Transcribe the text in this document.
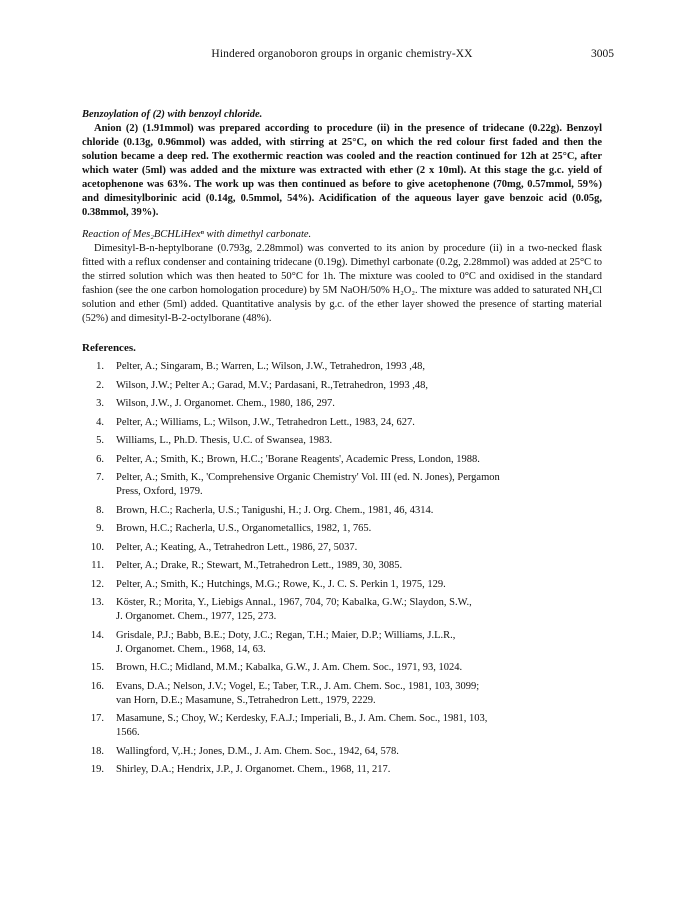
Hindered organoboron groups in organic chemistry-XX	3005

Benzoylation of (2) with benzoyl chloride.

Anion (2) (1.91mmol) was prepared according to procedure (ii) in the presence of tridecane (0.22g). Benzoyl chloride (0.13g, 0.96mmol) was added, with stirring at 25°C, on which the red colour first faded and then the solution became a deep red. The exothermic reaction was cooled and the reaction continued for 12h at 25°C, after which water (5ml) was added and the mixture was extracted with ether (2 x 10ml). At this stage the g.c. yield of acetophenone was 63%. The work up was then continued as before to give acetophenone (70mg, 0.57mmol, 59%) and dimesitylborinic acid (0.14g, 0.5mmol, 54%). Acidification of the aqueous layer gave benzoic acid (0.05g, 0.38mmol, 39%).

Reaction of Mes₂BCHLiHexⁿ with dimethyl carbonate.

Dimesityl-B-n-heptylborane (0.793g, 2.28mmol) was converted to its anion by procedure (ii) in a two-necked flask fitted with a reflux condenser and containing tridecane (0.19g). Dimethyl carbonate (0.2g, 2.28mmol) was added at 25°C to the stirred solution which was then heated to 50°C for 1h. The mixture was cooled to 0°C and oxidised in the standard fashion (see the one carbon homologation procedure) by 5M NaOH/50% H₂O₂. The mixture was added to saturated NH₄Cl solution and ether (5ml) added. Quantitative analysis by g.c. of the ether layer showed the presence of starting material (52%) and dimesityl-B-2-octylborane (48%).

References.
1. Pelter, A.; Singaram, B.; Warren, L.; Wilson, J.W., Tetrahedron, 1993 ,48,
2. Wilson, J.W.; Pelter A.; Garad, M.V.; Pardasani, R.,Tetrahedron, 1993 ,48,
3. Wilson, J.W., J. Organomet. Chem., 1980, 186, 297.
4. Pelter, A.; Williams, L.; Wilson, J.W., Tetrahedron Lett., 1983, 24, 627.
5. Williams, L., Ph.D. Thesis, U.C. of Swansea, 1983.
6. Pelter, A.; Smith, K.; Brown, H.C.; 'Borane Reagents', Academic Press, London, 1988.
7. Pelter, A.; Smith, K., 'Comprehensive Organic Chemistry' Vol. III (ed. N. Jones), Pergamon
Press, Oxford, 1979.
8. Brown, H.C.; Racherla, U.S.; Tanigushi, H.; J. Org. Chem., 1981, 46, 4314.
9. Brown, H.C.; Racherla, U.S., Organometallics, 1982, 1, 765.
10. Pelter, A.; Keating, A., Tetrahedron Lett., 1986, 27, 5037.
11. Pelter, A.; Drake, R.; Stewart, M.,Tetrahedron Lett., 1989, 30, 3085.
12. Pelter, A.; Smith, K.; Hutchings, M.G.; Rowe, K., J. C. S. Perkin 1, 1975, 129.
13. Köster, R.; Morita, Y., Liebigs Annal., 1967, 704, 70; Kabalka, G.W.; Slaydon, S.W.,
J. Organomet. Chem., 1977, 125, 273.
14. Grisdale, P.J.; Babb, B.E.; Doty, J.C.; Regan, T.H.; Maier, D.P.; Williams, J.L.R.,
J. Organomet. Chem., 1968, 14, 63.
15. Brown, H.C.; Midland, M.M.; Kabalka, G.W., J. Am. Chem. Soc., 1971, 93, 1024.
16. Evans, D.A.; Nelson, J.V.; Vogel, E.; Taber, T.R., J. Am. Chem. Soc., 1981, 103, 3099;
van Horn, D.E.; Masamune, S.,Tetrahedron Lett., 1979, 2229.
17. Masamune, S.; Choy, W.; Kerdesky, F.A.J.; Imperiali, B., J. Am. Chem. Soc., 1981, 103,
1566.
18. Wallingford, V,.H.; Jones, D.M., J. Am. Chem. Soc., 1942, 64, 578.
19. Shirley, D.A.; Hendrix, J.P., J. Organomet. Chem., 1968, 11, 217.
